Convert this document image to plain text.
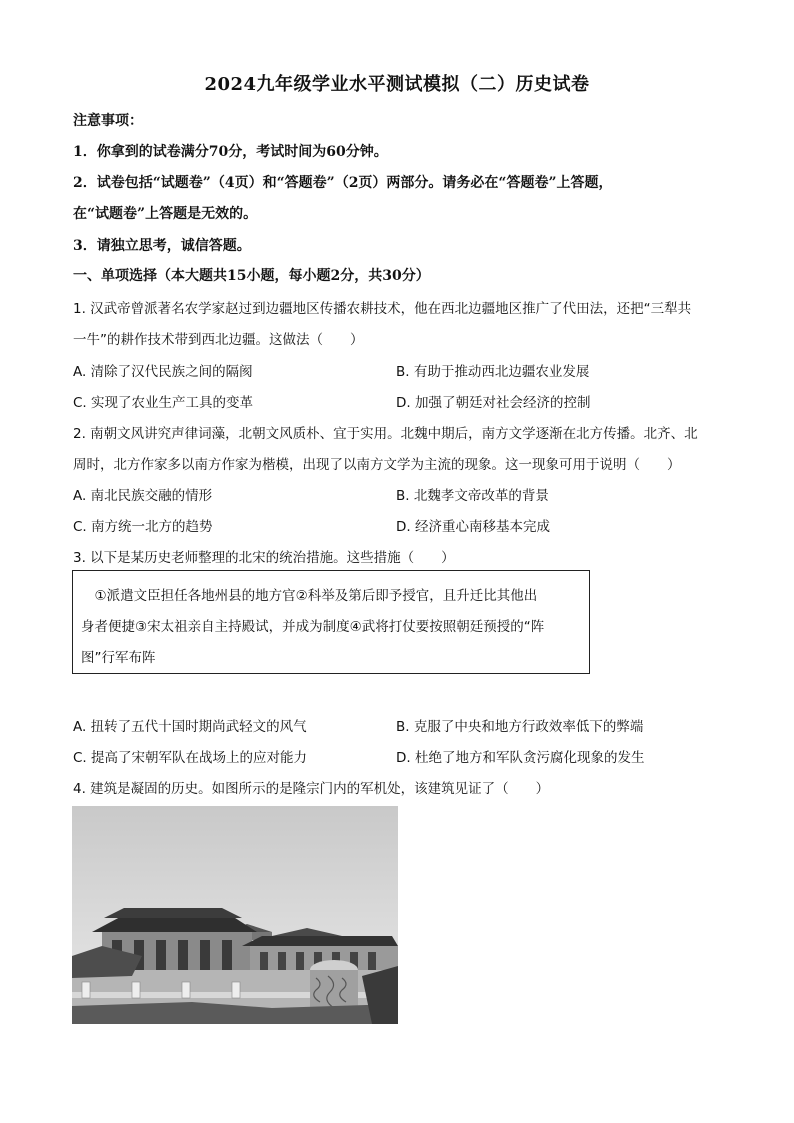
2024九年级学业水平测试模拟（二）历史试卷
注意事项：
1．你拿到的试卷满分70分，考试时间为60分钟。
2．试卷包括“试题卷”（4页）和“答题卷”（2页）两部分。请务必在“答题卷”上答题，
在“试题卷”上答题是无效的。
3．请独立思考，诚信答题。
一、单项选择（本大题共15小题，每小题2分，共30分）
1. 汉武帝曾派著名农学家赵过到边疆地区传播农耕技术，他在西北边疆地区推广了代田法，还把“三犁共
一牛”的耕作技术带到西北边疆。这做法（　　）
A. 清除了汉代民族之间的隔阂	B. 有助于推动西北边疆农业发展
C. 实现了农业生产工具的变革	D. 加强了朝廷对社会经济的控制
2. 南朝文风讲究声律词藻，北朝文风质朴、宜于实用。北魏中期后，南方文学逐渐在北方传播。北齐、北
周时，北方作家多以南方作家为楷模，出现了以南方文学为主流的现象。这一现象可用于说明（　　）
A. 南北民族交融的情形	B. 北魏孝文帝改革的背景
C. 南方统一北方的趋势	D. 经济重心南移基本完成
3. 以下是某历史老师整理的北宋的统治措施。这些措施（　　）
　①派遣文臣担任各地州县的地方官②科举及第后即予授官，且升迁比其他出
身者便捷③宋太祖亲自主持殿试，并成为制度④武将打仗要按照朝廷预授的“阵
图”行军布阵
A. 扭转了五代十国时期尚武轻文的风气	B. 克服了中央和地方行政效率低下的弊端
C. 提高了宋朝军队在战场上的应对能力	D. 杜绝了地方和军队贪污腐化现象的发生
4. 建筑是凝固的历史。如图所示的是隆宗门内的军机处，该建筑见证了（　　）
